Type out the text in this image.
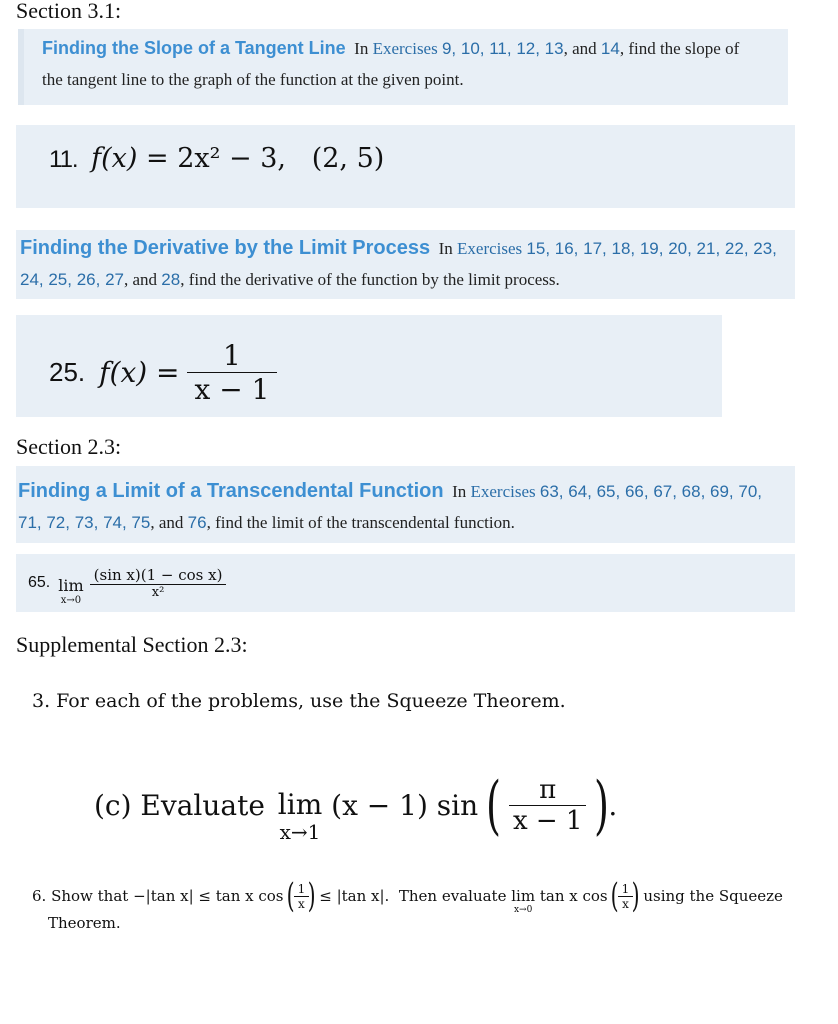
Section 3.1:
Finding the Slope of a Tangent Line In Exercises 9, 10, 11, 12, 13, and 14, find the slope of
the tangent line to the graph of the function at the given point.
11. f(x) = 2x² − 3, (2, 5)
Finding the Derivative by the Limit Process In Exercises 15, 16, 17, 18, 19, 20, 21, 22, 23,
24, 25, 26, 27, and 28, find the derivative of the function by the limit process.
25. $f(x) = \frac{1}{x - 1}$
Section 2.3:
Finding a Limit of a Transcendental Function In Exercises 63, 64, 65, 66, 67, 68, 69, 70,
71, 72, 73, 74, 75, and 76, find the limit of the transcendental function.
65. lim
x→0

$\frac{\text{(sin x)(1 − cos x)}}{\text{x²}}$
Supplemental Section 2.3:
3. For each of the problems, use the Squeeze Theorem.
(c) Evaluate lim
x→1
(x − 1) sin ( $\frac{\pi}{x - 1}$ ).
6. Show that −|tan x| ≤ tan x cos (
$\frac{1}{x}$
) ≤ |tan x|. Then evaluate lim
x→0
tan x cos (
$\frac{1}{x}$
) using the Squeeze
Theorem.
